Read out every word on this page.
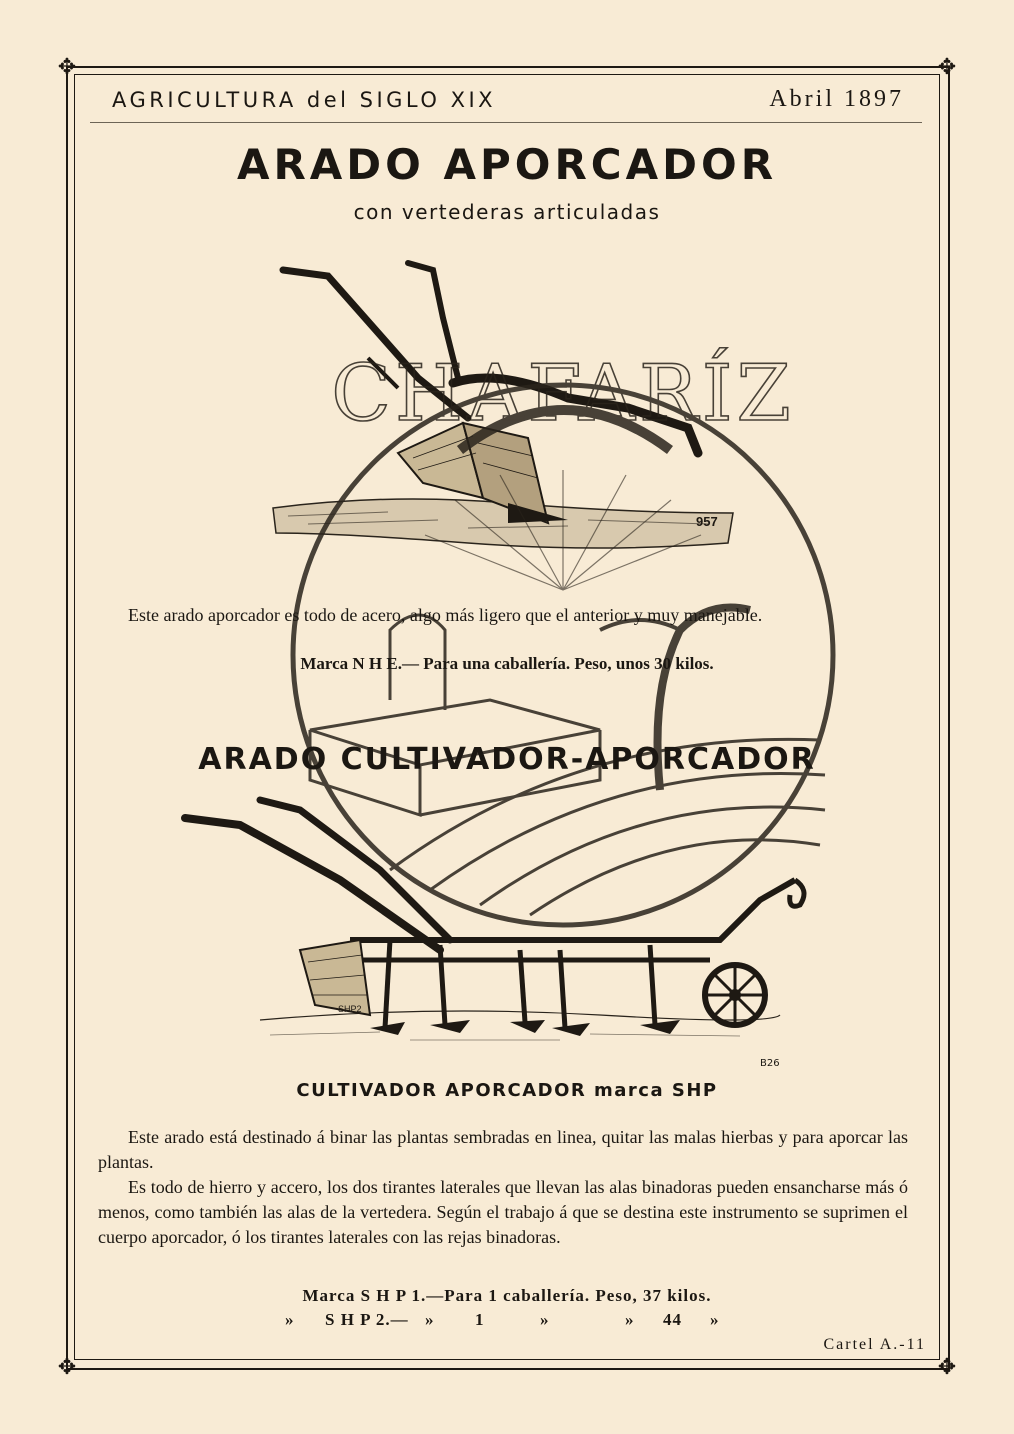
✥	✥
✥	✥
AGRICULTURA del SIGLO XIX	Abril 1897
ARADO APORCADOR
con vertederas articuladas
957
CHAFARÍZ
Este arado aporcador es todo de acero, algo más ligero que el anterior y muy manejable.
Marca N H E.— Para una caballería. Peso, unos 30 kilos.
ARADO CULTIVADOR-APORCADOR
SHP2
B26
CULTIVADOR APORCADOR marca SHP

Este arado está destinado á binar las plantas sembradas en linea, quitar las malas hierbas y para aporcar las plantas.

Es todo de hierro y accero, los dos tirantes laterales que llevan las alas binadoras pueden ensancharse más ó menos, como también las alas de la vertedera. Según el trabajo á que se destina este instrumento se suprimen el cuerpo aporcador, ó los tirantes laterales con las rejas binadoras.

Marca S H P 1.—Para 1 caballería. Peso, 37 kilos.
» S H P 2.— » 1	»	» 44 »
Cartel A.-11
